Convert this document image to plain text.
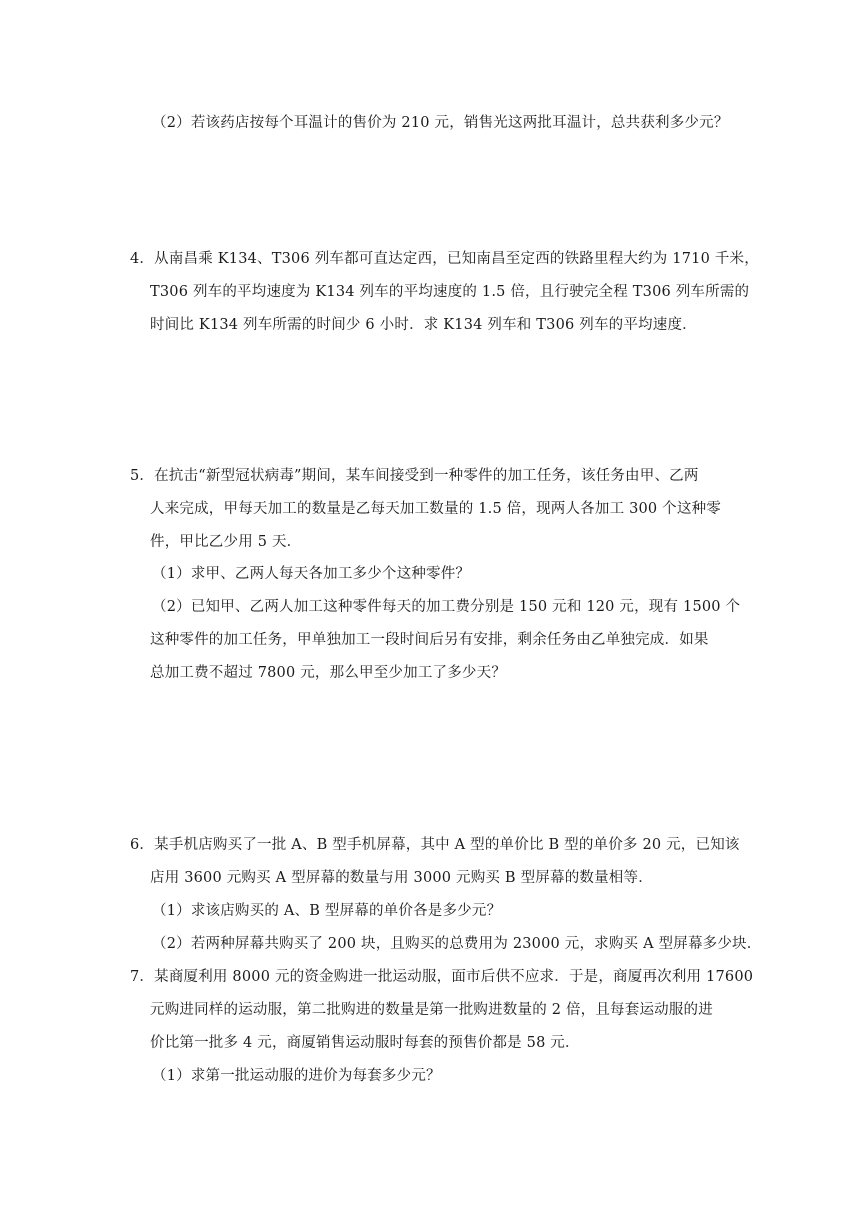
（2）若该药店按每个耳温计的售价为 210 元，销售光这两批耳温计，总共获利多少元？
4．从南昌乘 K134、T306 列车都可直达定西，已知南昌至定西的铁路里程大约为 1710 千米，
T306 列车的平均速度为 K134 列车的平均速度的 1.5 倍，且行驶完全程 T306 列车所需的
时间比 K134 列车所需的时间少 6 小时．求 K134 列车和 T306 列车的平均速度．
5．在抗击“新型冠状病毒”期间，某车间接受到一种零件的加工任务，该任务由甲、乙两
人来完成，甲每天加工的数量是乙每天加工数量的 1.5 倍，现两人各加工 300 个这种零
件，甲比乙少用 5 天．
（1）求甲、乙两人每天各加工多少个这种零件？
（2）已知甲、乙两人加工这种零件每天的加工费分别是 150 元和 120 元，现有 1500 个
这种零件的加工任务，甲单独加工一段时间后另有安排，剩余任务由乙单独完成．如果
总加工费不超过 7800 元，那么甲至少加工了多少天？
6．某手机店购买了一批 A、B 型手机屏幕，其中 A 型的单价比 B 型的单价多 20 元，已知该
店用 3600 元购买 A 型屏幕的数量与用 3000 元购买 B 型屏幕的数量相等．
（1）求该店购买的 A、B 型屏幕的单价各是多少元？
（2）若两种屏幕共购买了 200 块，且购买的总费用为 23000 元，求购买 A 型屏幕多少块．
7．某商厦利用 8000 元的资金购进一批运动服，面市后供不应求．于是，商厦再次利用 17600
元购进同样的运动服，第二批购进的数量是第一批购进数量的 2 倍，且每套运动服的进
价比第一批多 4 元，商厦销售运动服时每套的预售价都是 58 元．
（1）求第一批运动服的进价为每套多少元？
